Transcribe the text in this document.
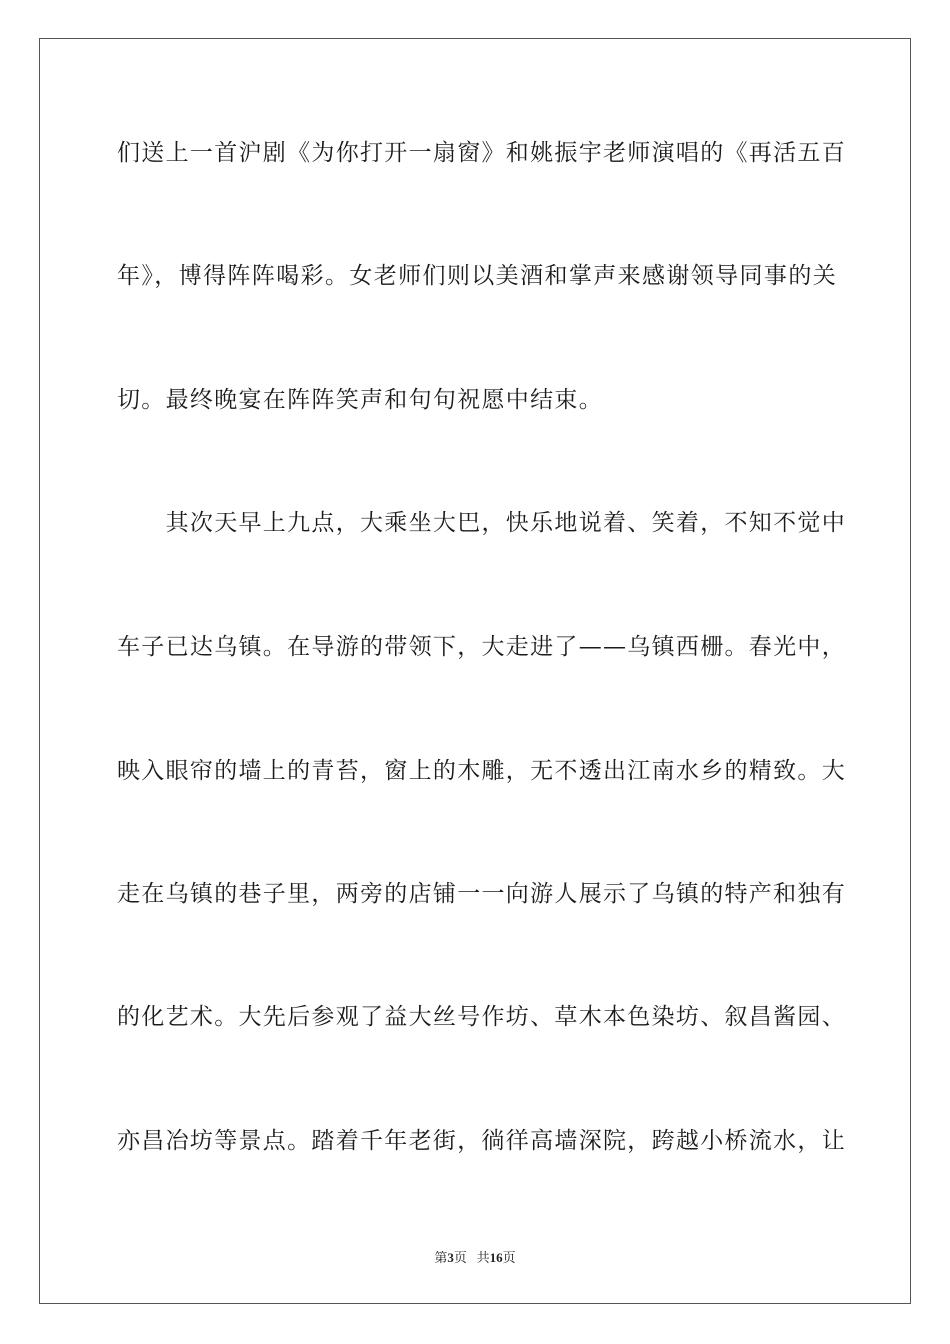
们送上一首沪剧《为你打开一扇窗》和姚振宇老师演唱的《再活五百
年》，博得阵阵喝彩。女老师们则以美酒和掌声来感谢领导同事的关
切。最终晚宴在阵阵笑声和句句祝愿中结束。
　　其次天早上九点，大乘坐大巴，快乐地说着、笑着，不知不觉中
车子已达乌镇。在导游的带领下，大走进了——乌镇西栅。春光中，
映入眼帘的墙上的青苔，窗上的木雕，无不透出江南水乡的精致。大
走在乌镇的巷子里，两旁的店铺一一向游人展示了乌镇的特产和独有
的化艺术。大先后参观了益大丝号作坊、草木本色染坊、叙昌酱园、
亦昌冶坊等景点。踏着千年老街，徜徉高墙深院，跨越小桥流水，让
第3页 共16页
